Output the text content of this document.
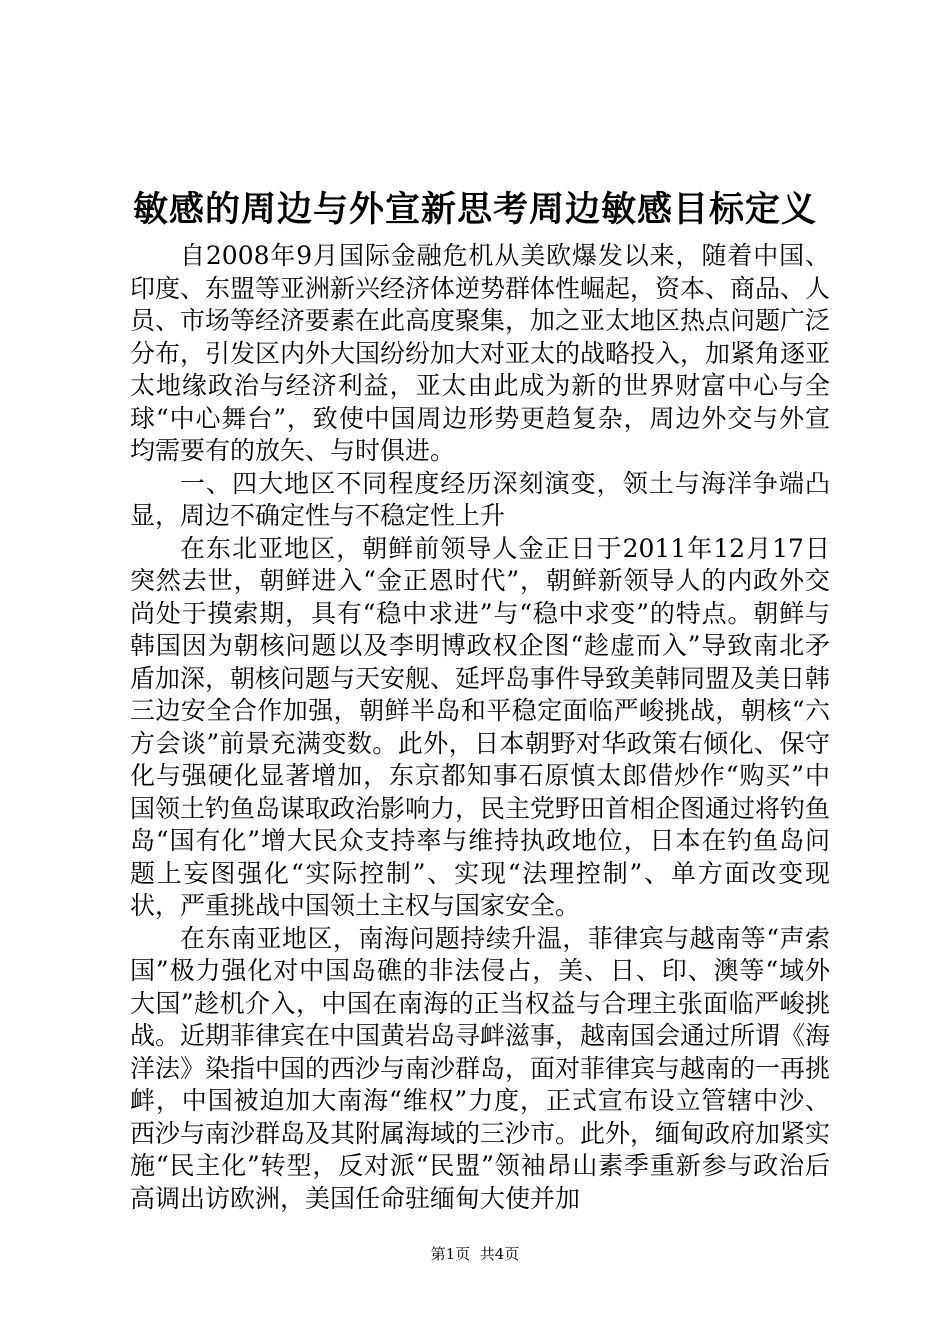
敏感的周边与外宣新思考周边敏感目标定义

自2008年9月国际金融危机从美欧爆发以来，随着中国、印度、东盟等亚洲新兴经济体逆势群体性崛起，资本、商品、人员、市场等经济要素在此高度聚集，加之亚太地区热点问题广泛分布，引发区内外大国纷纷加大对亚太的战略投入，加紧角逐亚太地缘政治与经济利益，亚太由此成为新的世界财富中心与全球“中心舞台”，致使中国周边形势更趋复杂，周边外交与外宣均需要有的放矢、与时俱进。

一、四大地区不同程度经历深刻演变，领土与海洋争端凸显，周边不确定性与不稳定性上升

在东北亚地区，朝鲜前领导人金正日于2011年12月17日突然去世，朝鲜进入“金正恩时代”，朝鲜新领导人的内政外交尚处于摸索期，具有“稳中求进”与“稳中求变”的特点。朝鲜与韩国因为朝核问题以及李明博政权企图“趁虚而入”导致南北矛盾加深，朝核问题与天安舰、延坪岛事件导致美韩同盟及美日韩三边安全合作加强，朝鲜半岛和平稳定面临严峻挑战，朝核“六方会谈”前景充满变数。此外，日本朝野对华政策右倾化、保守化与强硬化显著增加，东京都知事石原慎太郎借炒作“购买”中国领土钓鱼岛谋取政治影响力，民主党野田首相企图通过将钓鱼岛“国有化”增大民众支持率与维持执政地位，日本在钓鱼岛问题上妄图强化“实际控制”、实现“法理控制”、单方面改变现状，严重挑战中国领土主权与国家安全。

在东南亚地区，南海问题持续升温，菲律宾与越南等“声索国”极力强化对中国岛礁的非法侵占，美、日、印、澳等“域外大国”趁机介入，中国在南海的正当权益与合理主张面临严峻挑战。近期菲律宾在中国黄岩岛寻衅滋事，越南国会通过所谓《海洋法》染指中国的西沙与南沙群岛，面对菲律宾与越南的一再挑衅，中国被迫加大南海“维权”力度，正式宣布设立管辖中沙、西沙与南沙群岛及其附属海域的三沙市。此外，缅甸政府加紧实施“民主化”转型，反对派“民盟”领袖昂山素季重新参与政治后高调出访欧洲，美国任命驻缅甸大使并加

第1页 共4页
